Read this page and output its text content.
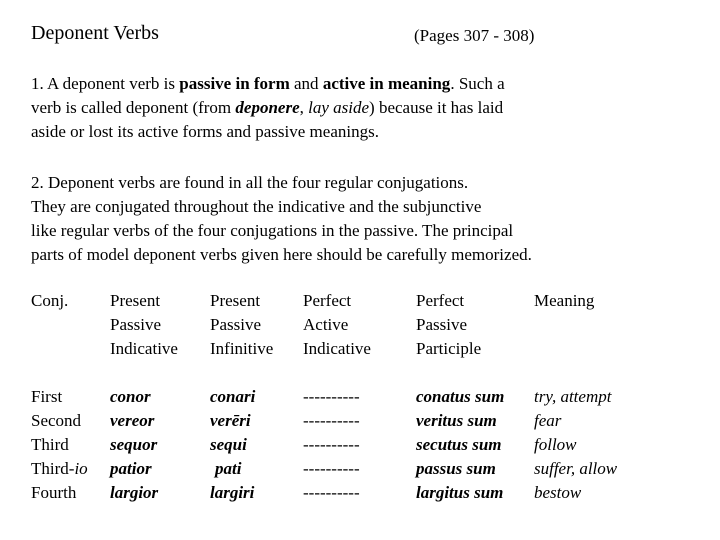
Deponent Verbs	(Pages 307 - 308)
1. A deponent verb is passive in form and active in meaning. Such a
verb is called deponent (from deponere, lay aside) because it has laid
aside or lost its active forms and passive meanings.
2. Deponent verbs are found in all the four regular conjugations.
They are conjugated throughout the indicative and the subjunctive
like regular verbs of the four conjugations in the passive. The principal
parts of model deponent verbs given here should be carefully memorized.
Conj. Present
Passive
Indicative
Present
Passive
Infinitive
Perfect
Active
Indicative
Perfect
Passive
Participle
Meaning
First
Second
Third
Third-io
Fourth
conor
vereor
sequor
patior
largior
conari
verēri
sequi
pati
largiri
----------
----------
----------
----------
----------
conatus sum
veritus sum
secutus sum
passus sum
largitus sum
try, attempt
fear
follow
suffer, allow
bestow
